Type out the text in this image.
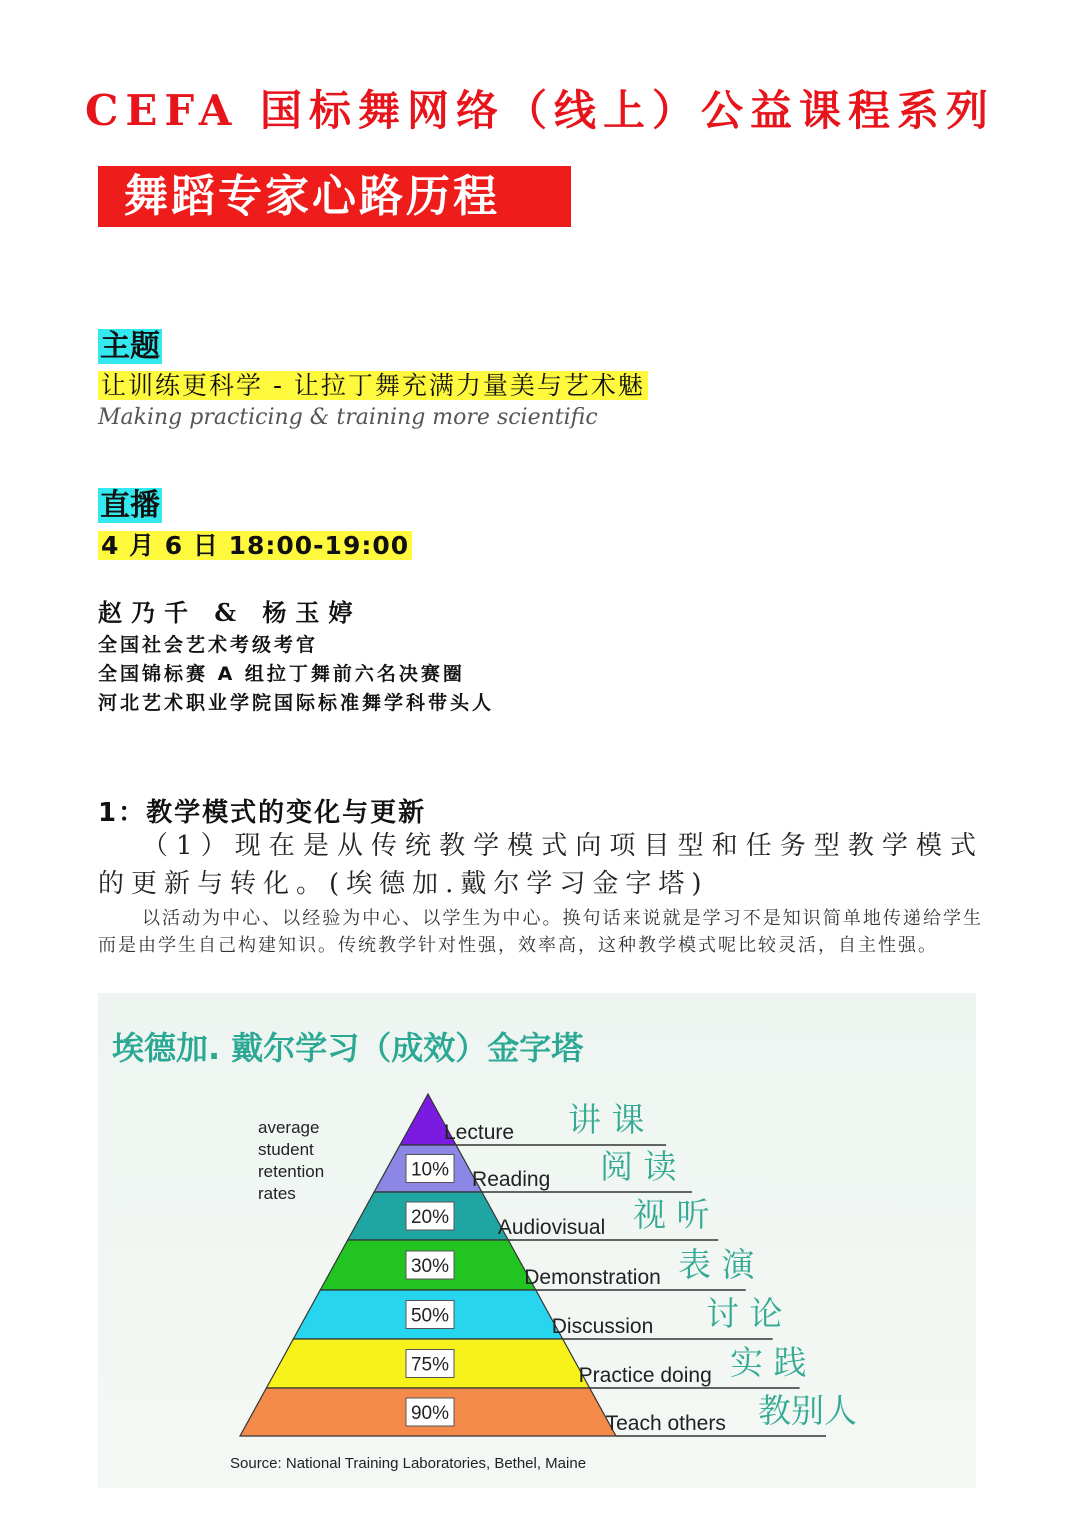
CEFA 国标舞网络（线上）公益课程系列
舞蹈专家心路历程
主题
让训练更科学 - 让拉丁舞充满力量美与艺术魅
Making practicing & training more scientific
直播
4 月 6 日 18:00-19:00
赵乃千 & 杨玉婷
全国社会艺术考级考官
全国锦标赛 A 组拉丁舞前六名决赛圈
河北艺术职业学院国际标准舞学科带头人
1：教学模式的变化与更新
（1）现在是从传统教学模式向项目型和任务型教学模式的更新与转化。(埃德加.戴尔学习金字塔)
以活动为中心、以经验为中心、以学生为中心。换句话来说就是学习不是知识简单地传递给学生而是由学生自己构建知识。传统教学针对性强，效率高，这种教学模式呢比较灵活，自主性强。
埃德加. 戴尔学习（成效）金字塔
average
student
retention
rates
Lecture 讲 课
10% Reading 阅 读
20% Audiovisual 视 听
30%	Demonstration 表 演
50%	Discussion 讨 论
75%	Practice doing 实 践
90%	Teach others 教别人
Source: National Training Laboratories, Bethel, Maine
